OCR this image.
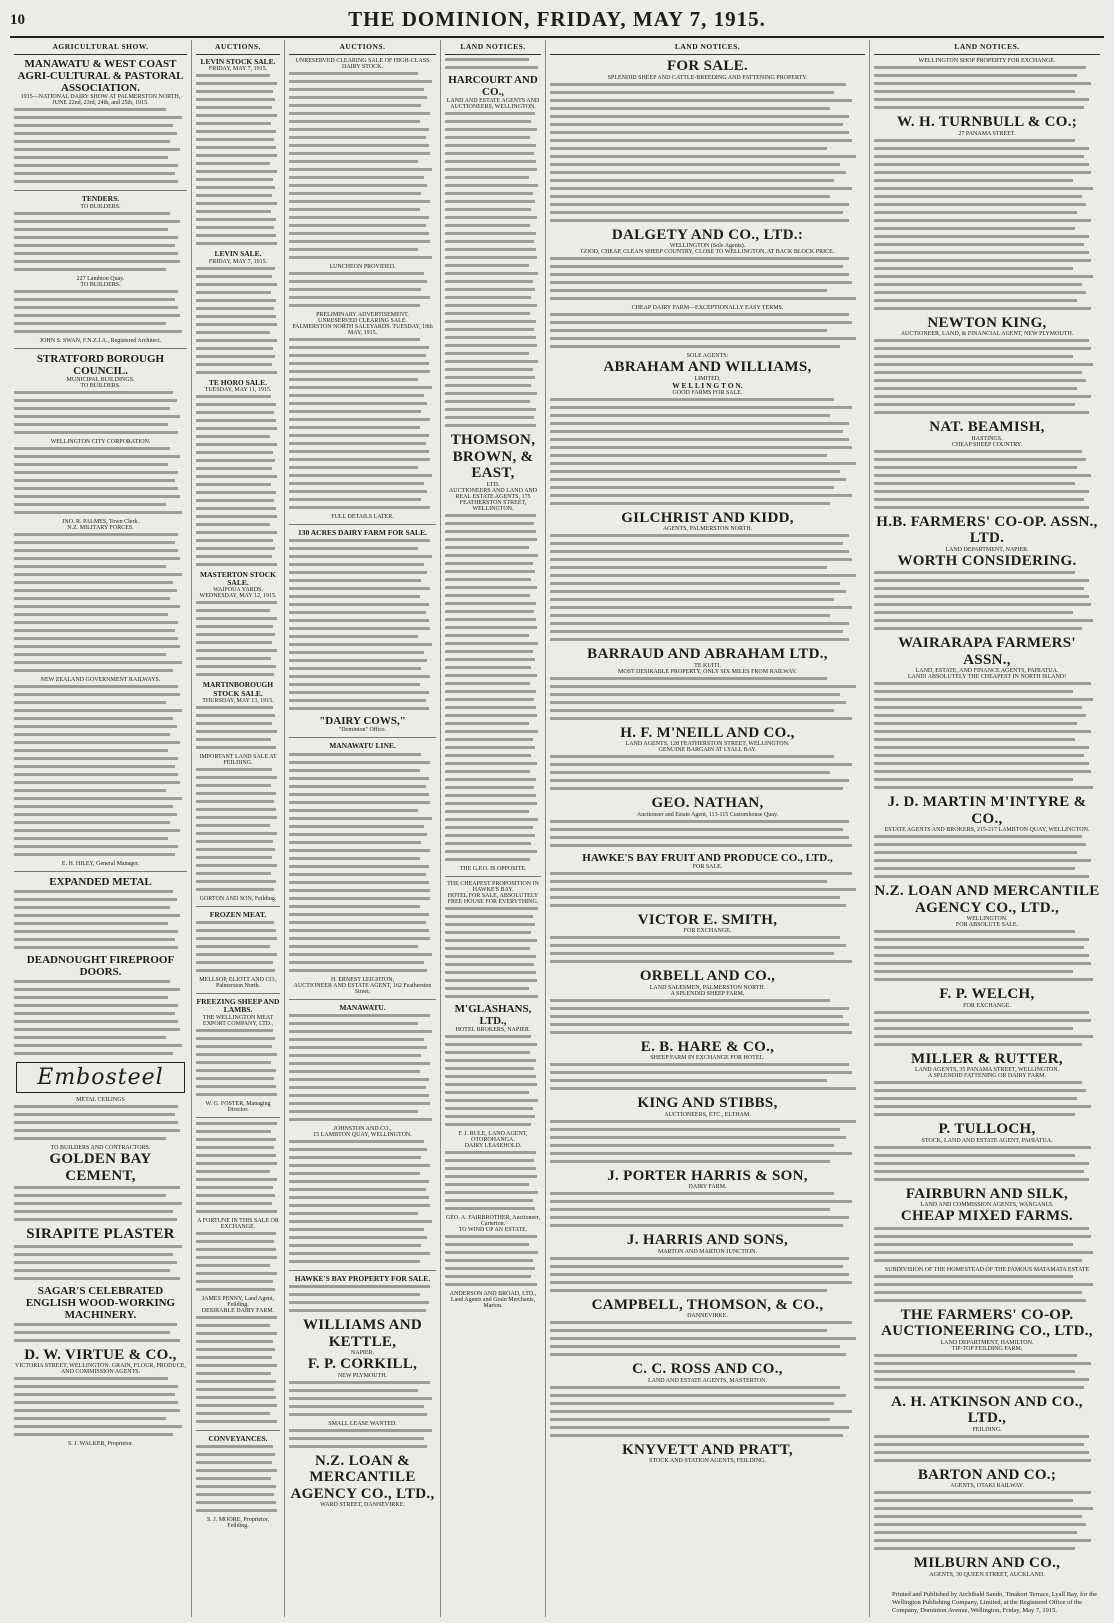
10	THE DOMINION, FRIDAY, MAY 7, 1915.
AGRICULTURAL SHOW.
MANAWATU & WEST COAST AGRI-CULTURAL & PASTORAL ASSOCIATION.
1915—NATIONAL DAIRY SHOW AT PALMERSTON NORTH,
JUNE 22nd, 23rd, 24th, and 25th, 1915.
TENDERS.
TO BUILDERS.
227 Lambton Quay.
TO BUILDERS.
JOHN S. SWAN, F.N.Z.I.A., Registered Architect.
STRATFORD BOROUGH COUNCIL.
MUNICIPAL BUILDINGS.
TO BUILDERS.
WELLINGTON CITY CORPORATION.
JNO. R. PALMES, Town Clerk.
N.Z. MILITARY FORCES.
NEW ZEALAND GOVERNMENT RAILWAYS.
E. H. HILEY, General Manager.
EXPANDED METAL
DEADNOUGHT FIREPROOF DOORS.
Embosteel
METAL CEILINGS
TO BUILDERS AND CONTRACTORS.
GOLDEN BAY CEMENT,
SIRAPITE PLASTER
SAGAR'S CELEBRATED ENGLISH WOOD-WORKING MACHINERY.
D. W. VIRTUE & CO.,
VICTORIA STREET, WELLINGTON. GRAIN, FLOUR, PRODUCE, AND COMMISSION AGENTS.
S. J. WALKER, Proprietor.
AUCTIONS.
LEVIN STOCK SALE.
FRIDAY, MAY 7, 1915.
LEVIN SALE.
FRIDAY, MAY 7, 1915.
TE HORO SALE.
TUESDAY, MAY 11, 1915.
MASTERTON STOCK SALE.
WAIPOUA YARDS.
WEDNESDAY, MAY 12, 1915.
MARTINBOROUGH STOCK SALE.
THURSDAY, MAY 13, 1915.
IMPORTANT LAND SALE AT FEILDING.
GORTON AND SON, Feilding.
FROZEN MEAT.
MELLSOP, ELIOTT AND CO., Palmerston North.
FREEZING SHEEP AND LAMBS.
THE WELLINGTON MEAT EXPORT COMPANY, LTD.,
W. G. FOSTER, Managing Director.
A FORTUNE IN THIS SALE OR EXCHANGE.
JAMES PENNY, Land Agent, Feilding.
DESIRABLE DAIRY FARM.
CONVEYANCES.
S. J. MOORE, Proprietor, Feilding.
AUCTIONS.
UNRESERVED CLEARING SALE OF HIGH-CLASS DAIRY STOCK.
LUNCHEON PROVIDED.
PRELIMINARY ADVERTISEMENT.
UNRESERVED CLEARING SALE.
PALMERSTON NORTH SALEYARDS. TUESDAY, 18th MAY, 1915.
FULL DETAILS LATER.
130 ACRES DAIRY FARM FOR SALE.
"DAIRY COWS,"
"Dominion" Office.
MANAWATU LINE.
H. ERNEST LEIGHTON,
AUCTIONEER AND ESTATE AGENT, 162 Featherston Street.
MANAWATU.
JOHNSTON AND CO.,
15 LAMBTON QUAY, WELLINGTON.
HAWKE'S BAY PROPERTY FOR SALE.
WILLIAMS AND KETTLE,
NAPIER.
F. P. CORKILL,
NEW PLYMOUTH.
SMALL LEASE WANTED.
N.Z. LOAN & MERCANTILE AGENCY CO., LTD.,
WARD STREET, DANNEVIRKE.
LAND NOTICES.
HARCOURT AND CO.,
LAND AND ESTATE AGENTS AND AUCTIONEERS, WELLINGTON.
THOMSON, BROWN, & EAST,
LTD.
AUCTIONEERS AND LAND AND REAL ESTATE AGENTS, 175 FEATHERSTON STREET, WELLINGTON.
THE G.P.O. IS OPPOSITE.
THE CHEAPEST PROPOSITION IN HAWKE'S BAY.
HOTEL FOR SALE, ABSOLUTELY FREE HOUSE FOR EVERYTHING.
M'GLASHANS, LTD.,
HOTEL BROKERS, NAPIER.
F. J. RULE, LAND AGENT, OTOROHANGA.
DAIRY LEASEHOLD.
GEO. A. FAIRBROTHER, Auctioneer, Carterton.
TO WIND UP AN ESTATE.
ANDERSON AND BROAD, LTD., Land Agents and Grain Merchants, Marton.
LAND NOTICES.
FOR SALE.
SPLENDID SHEEP AND CATTLE-BREEDING AND FATTENING PROPERTY.
DALGETY AND CO., LTD.:
WELLINGTON (Sole Agents).
GOOD, CHEAP, CLEAN SHEEP COUNTRY, CLOSE TO WELLINGTON, AT BACK BLOCK PRICE.
CHEAP DAIRY FARM—EXCEPTIONALLY EASY TERMS.
SOLE AGENTS:
ABRAHAM AND WILLIAMS,
LIMITED,
W E L L I N G T O N.
GOOD FARMS FOR SALE.
GILCHRIST AND KIDD,
AGENTS, PALMERSTON NORTH.
BARRAUD AND ABRAHAM LTD.,
TE KUITI.
MOST DESIRABLE PROPERTY, ONLY SIX MILES FROM RAILWAY.
H. F. M'NEILL AND CO.,
LAND AGENTS, 128 FEATHERSTON STREET, WELLINGTON.
GENUINE BARGAIN AT LYALL BAY.
GEO. NATHAN,
Auctioneer and Estate Agent, 113-115 Customhouse Quay.
HAWKE'S BAY FRUIT AND PRODUCE CO., LTD.,
FOR SALE.
VICTOR E. SMITH,
FOR EXCHANGE.
ORBELL AND CO.,
LAND SALESMEN, PALMERSTON NORTH.
A SPLENDID SHEEP FARM.
E. B. HARE & CO.,
SHEEP FARM IN EXCHANGE FOR HOTEL.
KING AND STIBBS,
AUCTIONEERS, ETC., ELTHAM.
J. PORTER HARRIS & SON,
DAIRY FARM.
J. HARRIS AND SONS,
MARTON AND MARTON JUNCTION.
CAMPBELL, THOMSON, & CO.,
DANNEVIRKE.
C. C. ROSS AND CO.,
LAND AND ESTATE AGENTS, MASTERTON.
KNYVETT AND PRATT,
STOCK AND STATION AGENTS, FEILDING.
LAND NOTICES.
WELLINGTON SHOP PROPERTY FOR EXCHANGE.
W. H. TURNBULL & CO.;
27 PANAMA STREET.
NEWTON KING,
AUCTIONEER, LAND, & FINANCIAL AGENT, NEW PLYMOUTH.
NAT. BEAMISH,
HASTINGS.
CHEAP SHEEP COUNTRY.
H.B. FARMERS' CO-OP. ASSN., LTD.
LAND DEPARTMENT, NAPIER.
WORTH CONSIDERING.
WAIRARAPA FARMERS' ASSN.,
LAND, ESTATE, AND FINANCE AGENTS, PAHIATUA.
LAND! ABSOLUTELY THE CHEAPEST IN NORTH ISLAND!
J. D. MARTIN M'INTYRE & CO.,
ESTATE AGENTS AND BROKERS, 215-217 LAMBTON QUAY, WELLINGTON.
N.Z. LOAN AND MERCANTILE AGENCY CO., LTD.,
WELLINGTON.
FOR ABSOLUTE SALE.
F. P. WELCH,
FOR EXCHANGE.
MILLER & RUTTER,
LAND AGENTS, 35 PANAMA STREET, WELLINGTON.
A SPLENDID FATTENING OR DAIRY FARM.
P. TULLOCH,
STOCK, LAND AND ESTATE AGENT, PAHIATUA.
FAIRBURN AND SILK,
LAND AND COMMISSION AGENTS, WANGANUI.
CHEAP MIXED FARMS.
SUBDIVISION OF THE HOMESTEAD OF THE FAMOUS MATAMATA ESTATE
THE FARMERS' CO-OP. AUCTIONEERING CO., LTD.,
LAND DEPARTMENT, HAMILTON.
TIP-TOP FEILDING FARM.
A. H. ATKINSON AND CO., LTD.,
FEILDING.
BARTON AND CO.;
AGENTS, OTAKI RAILWAY.
MILBURN AND CO.,
AGENTS, 30 QUEEN STREET, AUCKLAND.
Printed and Published by Archibald Sando, Tinakori Terrace, Lyall Bay, for the Wellington Publishing Company, Limited, at the Registered Office of the Company, Dominion Avenue, Wellington, Friday, May 7, 1915.
